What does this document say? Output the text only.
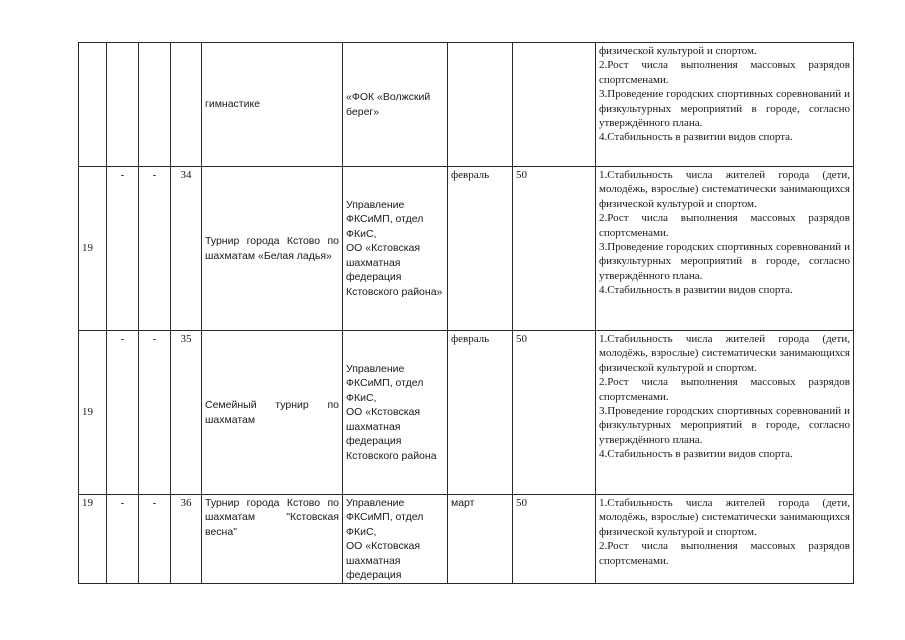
				гимнастике	«ФОК «Волжский берег»			физической культурой и спортом.
2.Рост числа выполнения массовых разрядов спортсменами.
3.Проведение городских спортивных соревнований и физкультурных мероприятий в городе, согласно утверждённого плана.
4.Стабильность в развитии видов спорта.
19	-	-	34	Турнир города Кстово по шахматам «Белая ладья»	Управление ФКСиМП, отдел ФКиС,
ОО «Кстовская шахматная федерация Кстовского района»	февраль	50	1.Стабильность числа жителей города (дети, молодёжь, взрослые) систематически занимающихся физической культурой и спортом.
2.Рост числа выполнения массовых разрядов спортсменами.
3.Проведение городских спортивных соревнований и физкультурных мероприятий в городе, согласно утверждённого плана.
4.Стабильность в развитии видов спорта.
19	-	-	35	Семейный турнир по шахматам	Управление ФКСиМП, отдел ФКиС,
ОО «Кстовская шахматная федерация Кстовского района	февраль	50	1.Стабильность числа жителей города (дети, молодёжь, взрослые) систематически занимающихся физической культурой и спортом.
2.Рост числа выполнения массовых разрядов спортсменами.
3.Проведение городских спортивных соревнований и физкультурных мероприятий в городе, согласно утверждённого плана.
4.Стабильность в развитии видов спорта.
19	-	-	36	Турнир города Кстово по шахматам "Кстовская весна"	Управление ФКСиМП, отдел ФКиС,
ОО «Кстовская шахматная федерация	март	50	1.Стабильность числа жителей города (дети, молодёжь, взрослые) систематически занимающихся физической культурой и спортом.
2.Рост числа выполнения массовых разрядов спортсменами.
